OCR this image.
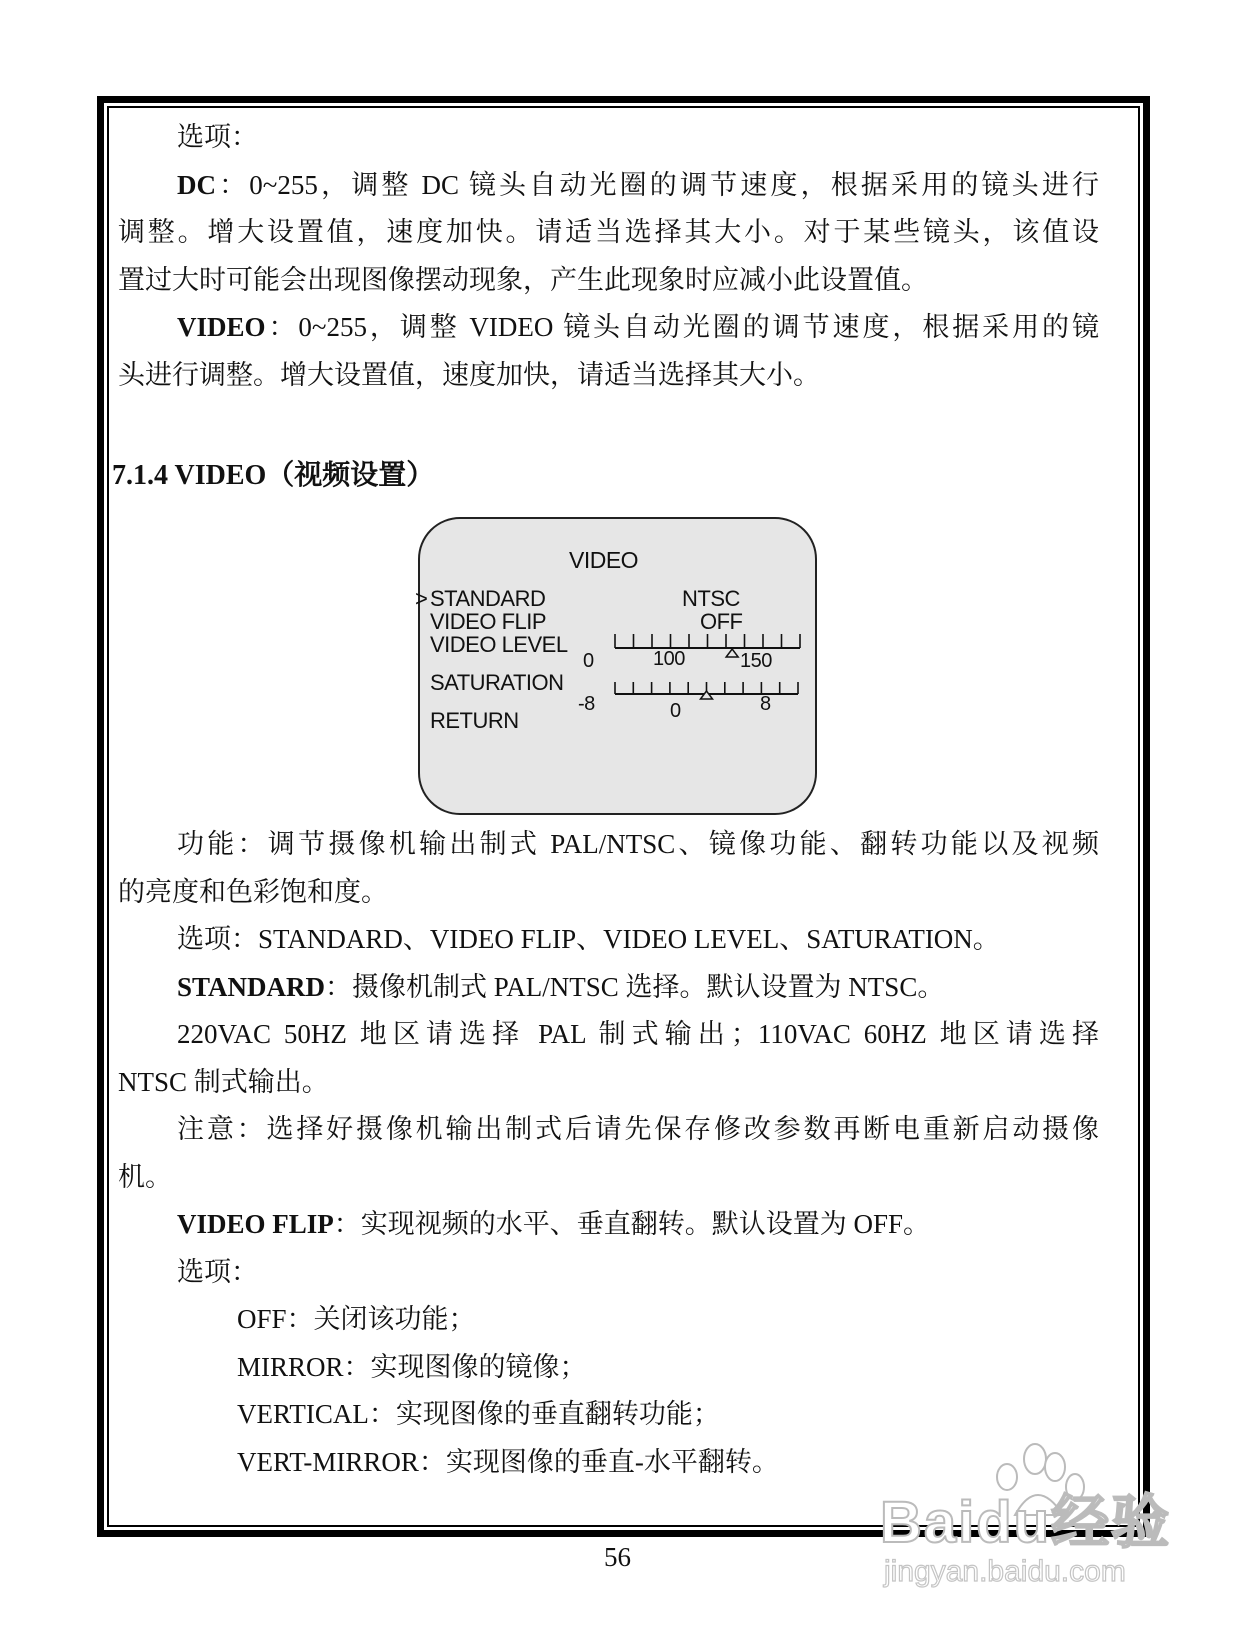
选项：
DC：0~255，调整 DC 镜头自动光圈的调节速度，根据采用的镜头进行
调整。增大设置值，速度加快。请适当选择其大小。对于某些镜头，该值设
置过大时可能会出现图像摆动现象，产生此现象时应减小此设置值。
VIDEO：0~255，调整 VIDEO 镜头自动光圈的调节速度，根据采用的镜
头进行调整。增大设置值，速度加快，请适当选择其大小。
7.1.4 VIDEO（视频设置）
VIDEO
> STANDARD	NTSC
VIDEO FLIP	OFF
VIDEO LEVEL
SATURATION
RETURN
0	100	150
-8	0	8
功能：调节摄像机输出制式 PAL/NTSC、镜像功能、翻转功能以及视频
的亮度和色彩饱和度。
选项：STANDARD、VIDEO FLIP、VIDEO LEVEL、SATURATION。
STANDARD：摄像机制式 PAL/NTSC 选择。默认设置为 NTSC。
220VAC 50HZ 地区请选择 PAL 制式输出；110VAC 60HZ 地区请选择
NTSC 制式输出。
注意：选择好摄像机输出制式后请先保存修改参数再断电重新启动摄像
机。
VIDEO FLIP：实现视频的水平、垂直翻转。默认设置为 OFF。
选项：
OFF：关闭该功能；
MIRROR：实现图像的镜像；
VERTICAL：实现图像的垂直翻转功能；
VERT-MIRROR：实现图像的垂直-水平翻转。
56
Baidu经验
jingyan.baidu.com
